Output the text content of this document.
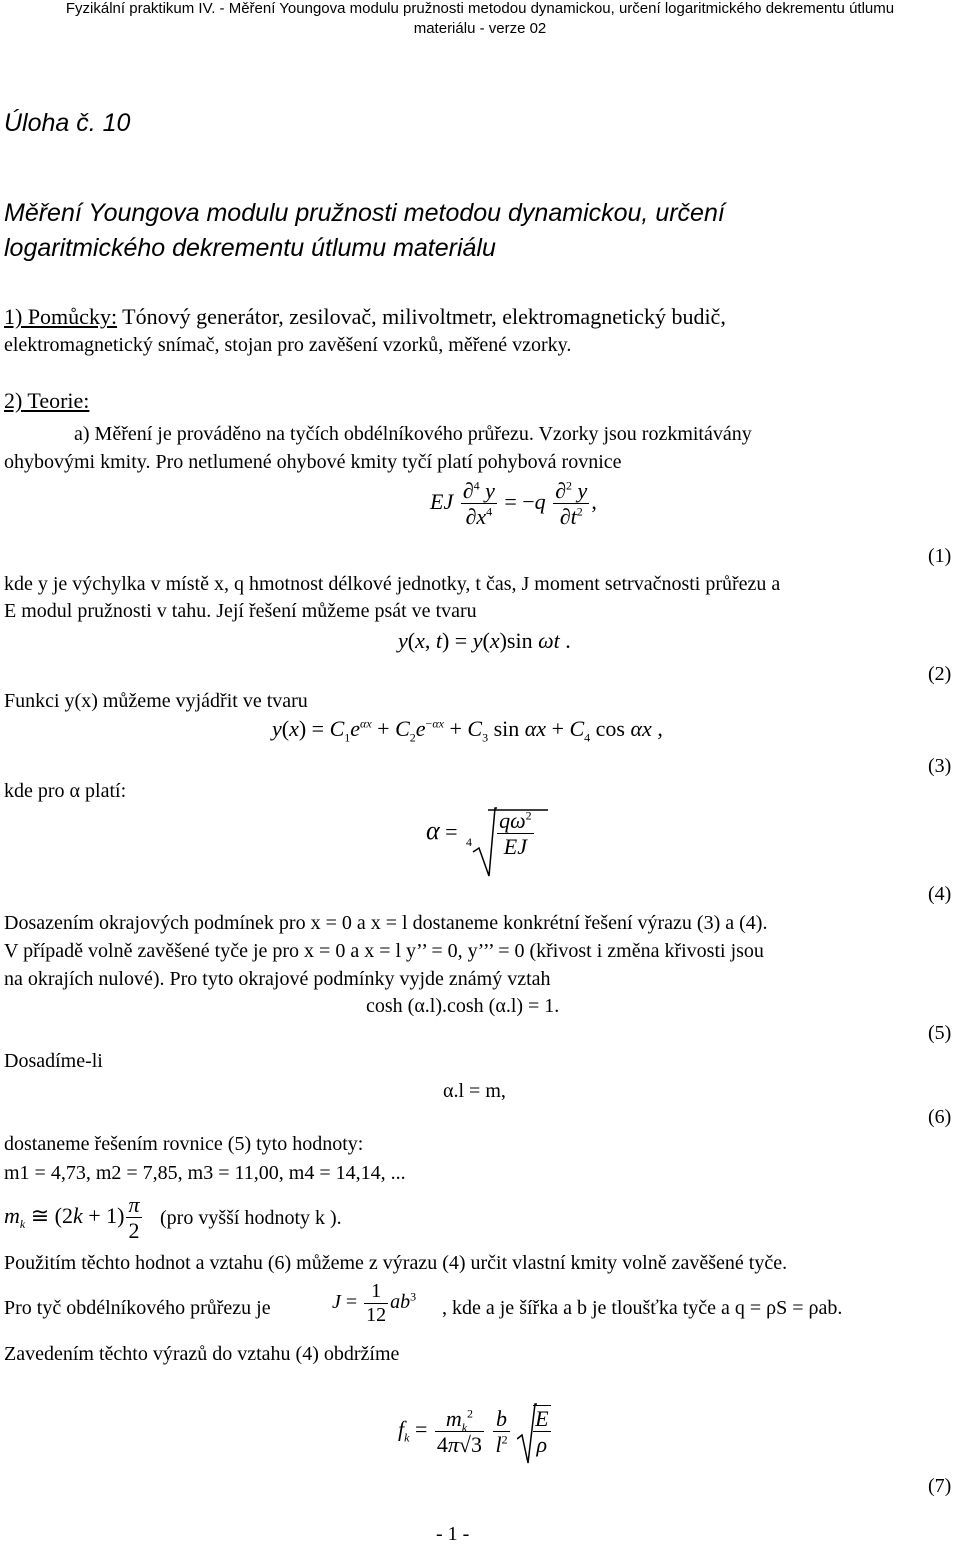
Fyzikální praktikum IV. - Měření Youngova modulu pružnosti metodou dynamickou, určení logaritmického dekrementu útlumu
materiálu - verze 02
Úloha č. 10
Měření Youngova modulu pružnosti metodou dynamickou, určení
logaritmického dekrementu útlumu materiálu
1) Pomůcky: Tónový generátor, zesilovač, milivoltmetr, elektromagnetický budič,
elektromagnetický snímač, stojan pro zavěšení vzorků, měřené vzorky.
2) Teorie:
a) Měření je prováděno na tyčích obdélníkového průřezu. Vzorky jsou rozkmitávány
ohybovými kmity. Pro netlumené ohybové kmity tyčí platí pohybová rovnice
EJ $\frac{\partial^4 y}{\partial x^4} = -q \frac{\partial^2 y}{\partial t^2}$ ,
(1)
kde y je výchylka v místě x, q hmotnost délkové jednotky, t čas, J moment setrvačnosti průřezu a
E modul pružnosti v tahu. Její řešení můžeme psát ve tvaru
y(x, t) = y(x)sin ωt .
(2)
Funkci y(x) můžeme vyjádřit ve tvaru
$y(x) = C_1e^{\alpha x} + C_2e^{-\alpha x} + C_3$ $\sin \alpha x + C_4$ cos αx ,
(3)
kde pro α platí:
$\alpha = 4 \frac{q\omega^2}{EJ}$
(4)
Dosazením okrajových podmínek pro x = 0 a x = l dostaneme konkrétní řešení výrazu (3) a (4).
V případě volně zavěšené tyče je pro x = 0 a x = l y’’ = 0, y’’’ = 0 (křivost i změna křivosti jsou
na okrajích nulové). Pro tyto okrajové podmínky vyjde známý vztah
cosh (α.l).cosh (α.l) = 1.
(5)
Dosadíme-li
α.l = m,
(6)
dostaneme řešením rovnice (5) tyto hodnoty:
m1 = 4,73, m2 = 7,85, m3 = 11,00, m4 = 14,14, ...
$m_k$ ≅ $(2k + 1) \frac{\pi}{2} (pro$ vyšší hodnoty k ).
Použitím těchto hodnot a vztahu (6) můžeme z výrazu (4) určit vlastní kmity volně zavěšené tyče.
Pro tyč obdélníkového průřezu je	$J = \frac{1}{12} ab^3$
, kde a je šířka a b je tloušťka tyče a q = ρS = ρab.
Zavedením těchto výrazů do vztahu (4) obdržíme
$f_k = \frac{m_k^2}{4\pi√3}$
$\frac{b}{l^2}$
$\frac{E}{\rho}$
(7)
- 1 -
